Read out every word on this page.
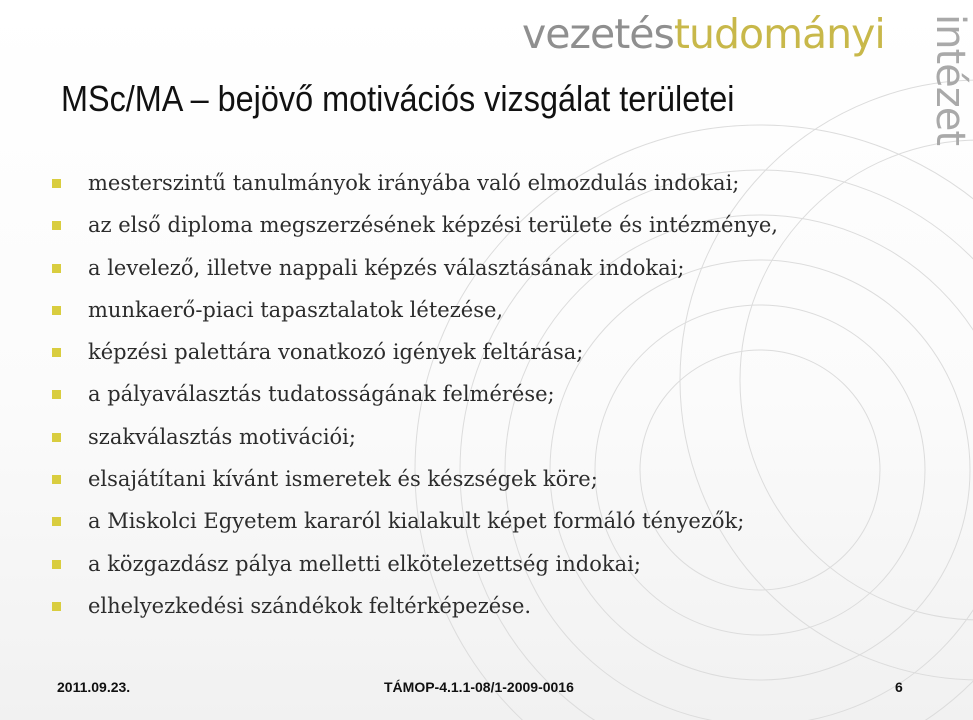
vezetéstudományi intézet
MSc/MA – bejövő motivációs vizsgálat területei
mesterszintű tanulmányok irányába való elmozdulás indokai;
az első diploma megszerzésének képzési területe és intézménye,
a levelező, illetve nappali képzés választásának indokai;
munkaerő-piaci tapasztalatok létezése,
képzési palettára vonatkozó igények feltárása;
a pályaválasztás tudatosságának felmérése;
szakválasztás motivációi;
elsajátítani kívánt ismeretek és készségek köre;
a Miskolci Egyetem kararól kialakult képet formáló tényezők;
a közgazdász pálya melletti elkötelezettség indokai;
elhelyezkedési szándékok feltérképezése.
2011.09.23.	TÁMOP-4.1.1-08/1-2009-0016	6
